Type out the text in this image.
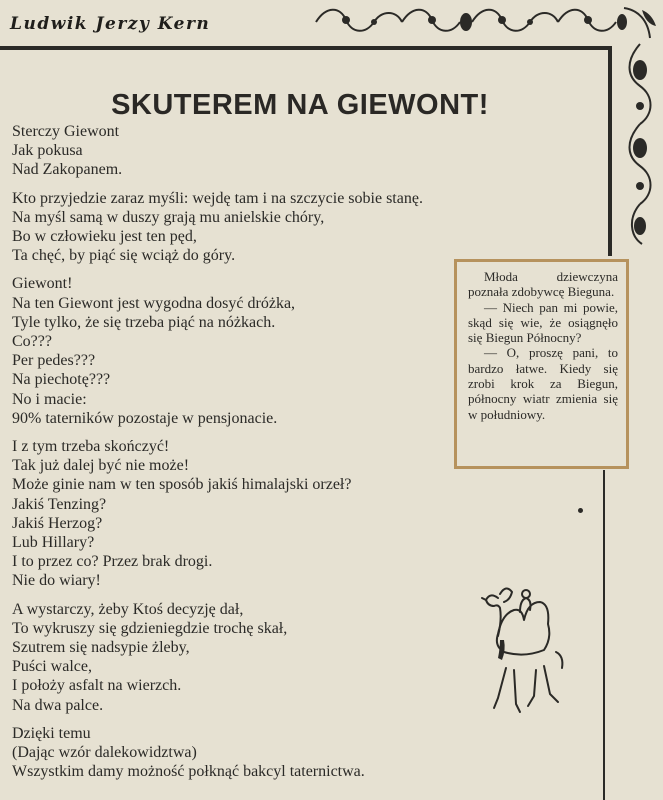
Ludwik Jerzy Kern
SKUTEREM NA GIEWONT!
Sterczy Giewont
Jak pokusa
Nad Zakopanem.
Kto przyjedzie zaraz myśli: wejdę tam i na szczycie sobie stanę.
Na myśl samą w duszy grają mu anielskie chóry,
Bo w człowieku jest ten pęd,
Ta chęć, by piąć się wciąż do góry.
Giewont!
Na ten Giewont jest wygodna dosyć dróżka,
Tyle tylko, że się trzeba piąć na nóżkach.
Co???
Per pedes???
Na piechotę???
No i macie:
90% taterników pozostaje w pensjonacie.
I z tym trzeba skończyć!
Tak już dalej być nie może!
Może ginie nam w ten sposób jakiś himalajski orzeł?
Jakiś Tenzing?
Jakiś Herzog?
Lub Hillary?
I to przez co? Przez brak drogi.
Nie do wiary!
A wystarczy, żeby Ktoś decyzję dał,
To wykruszy się gdzieniegdzie trochę skał,
Szutrem się nadsypie żleby,
Puści walce,
I położy asfalt na wierzch.
Na dwa palce.
Dzięki temu
(Dając wzór dalekowidztwa)
Wszystkim damy możność połknąć bakcyl taternictwa.

Młoda dziewczyna poznała zdobywcę Bieguna.

— Niech pan mi powie, skąd się wie, że osiągnęło się Biegun Północny?

— O, proszę pani, to bardzo łatwe. Kiedy się zrobi krok za Biegun, północny wiatr zmienia się w południowy.
